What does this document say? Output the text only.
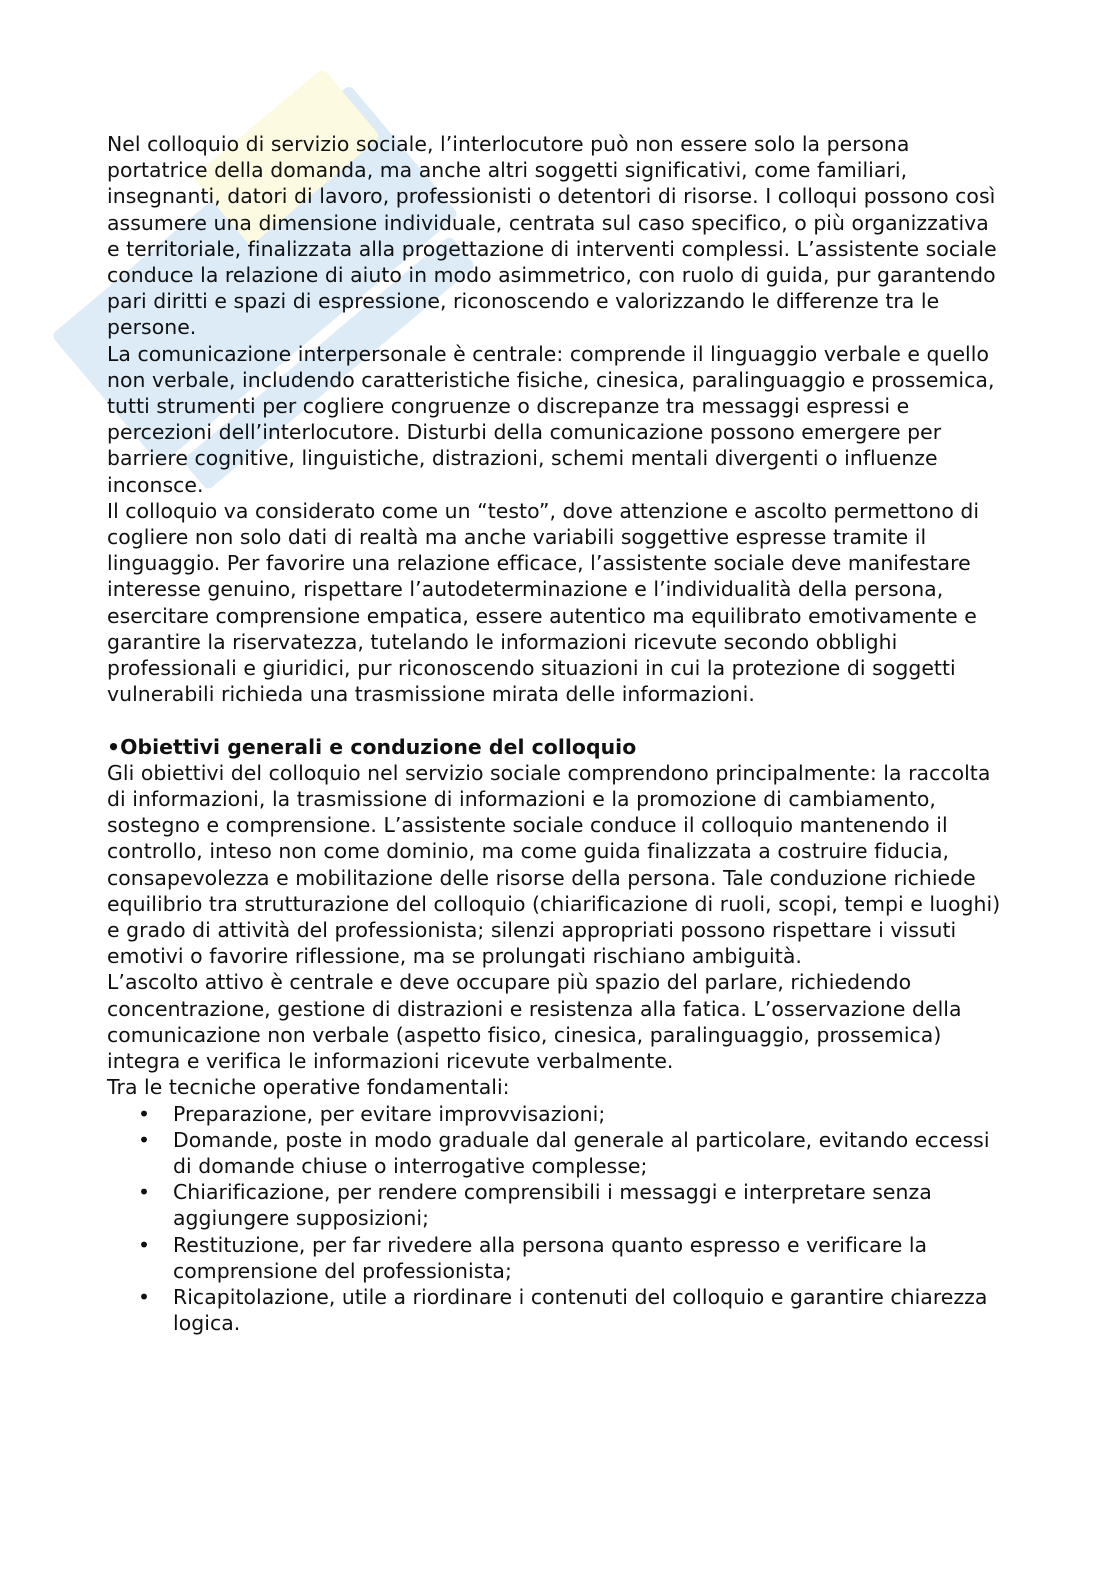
Nel colloquio di servizio sociale, l’interlocutore può non essere solo la persona portatrice della domanda, ma anche altri soggetti significativi, come familiari, insegnanti, datori di lavoro, professionisti o detentori di risorse. I colloqui possono così assumere una dimensione individuale, centrata sul caso specifico, o più organizzativa e territoriale, finalizzata alla progettazione di interventi complessi. L’assistente sociale conduce la relazione di aiuto in modo asimmetrico, con ruolo di guida, pur garantendo pari diritti e spazi di espressione, riconoscendo e valorizzando le differenze tra le persone.

La comunicazione interpersonale è centrale: comprende il linguaggio verbale e quello non verbale, includendo caratteristiche fisiche, cinesica, paralinguaggio e prossemica, tutti strumenti per cogliere congruenze o discrepanze tra messaggi espressi e percezioni dell’interlocutore. Disturbi della comunicazione possono emergere per barriere cognitive, linguistiche, distrazioni, schemi mentali divergenti o influenze inconsce.

Il colloquio va considerato come un “testo”, dove attenzione e ascolto permettono di cogliere non solo dati di realtà ma anche variabili soggettive espresse tramite il linguaggio. Per favorire una relazione efficace, l’assistente sociale deve manifestare interesse genuino, rispettare l’autodeterminazione e l’individualità della persona, esercitare comprensione empatica, essere autentico ma equilibrato emotivamente e garantire la riservatezza, tutelando le informazioni ricevute secondo obblighi professionali e giuridici, pur riconoscendo situazioni in cui la protezione di soggetti vulnerabili richieda una trasmissione mirata delle informazioni.

•Obiettivi generali e conduzione del colloquio

Gli obiettivi del colloquio nel servizio sociale comprendono principalmente: la raccolta di informazioni, la trasmissione di informazioni e la promozione di cambiamento, sostegno e comprensione. L’assistente sociale conduce il colloquio mantenendo il controllo, inteso non come dominio, ma come guida finalizzata a costruire fiducia, consapevolezza e mobilitazione delle risorse della persona. Tale conduzione richiede equilibrio tra strutturazione del colloquio (chiarificazione di ruoli, scopi, tempi e luoghi) e grado di attività del professionista; silenzi appropriati possono rispettare i vissuti emotivi o favorire riflessione, ma se prolungati rischiano ambiguità.

L’ascolto attivo è centrale e deve occupare più spazio del parlare, richiedendo concentrazione, gestione di distrazioni e resistenza alla fatica. L’osservazione della comunicazione non verbale (aspetto fisico, cinesica, paralinguaggio, prossemica) integra e verifica le informazioni ricevute verbalmente.

Tra le tecniche operative fondamentali:

• Preparazione, per evitare improvvisazioni;
• Domande, poste in modo graduale dal generale al particolare, evitando eccessi di domande chiuse o interrogative complesse;
• Chiarificazione, per rendere comprensibili i messaggi e interpretare senza aggiungere supposizioni;
• Restituzione, per far rivedere alla persona quanto espresso e verificare la comprensione del professionista;
• Ricapitolazione, utile a riordinare i contenuti del colloquio e garantire chiarezza logica.
